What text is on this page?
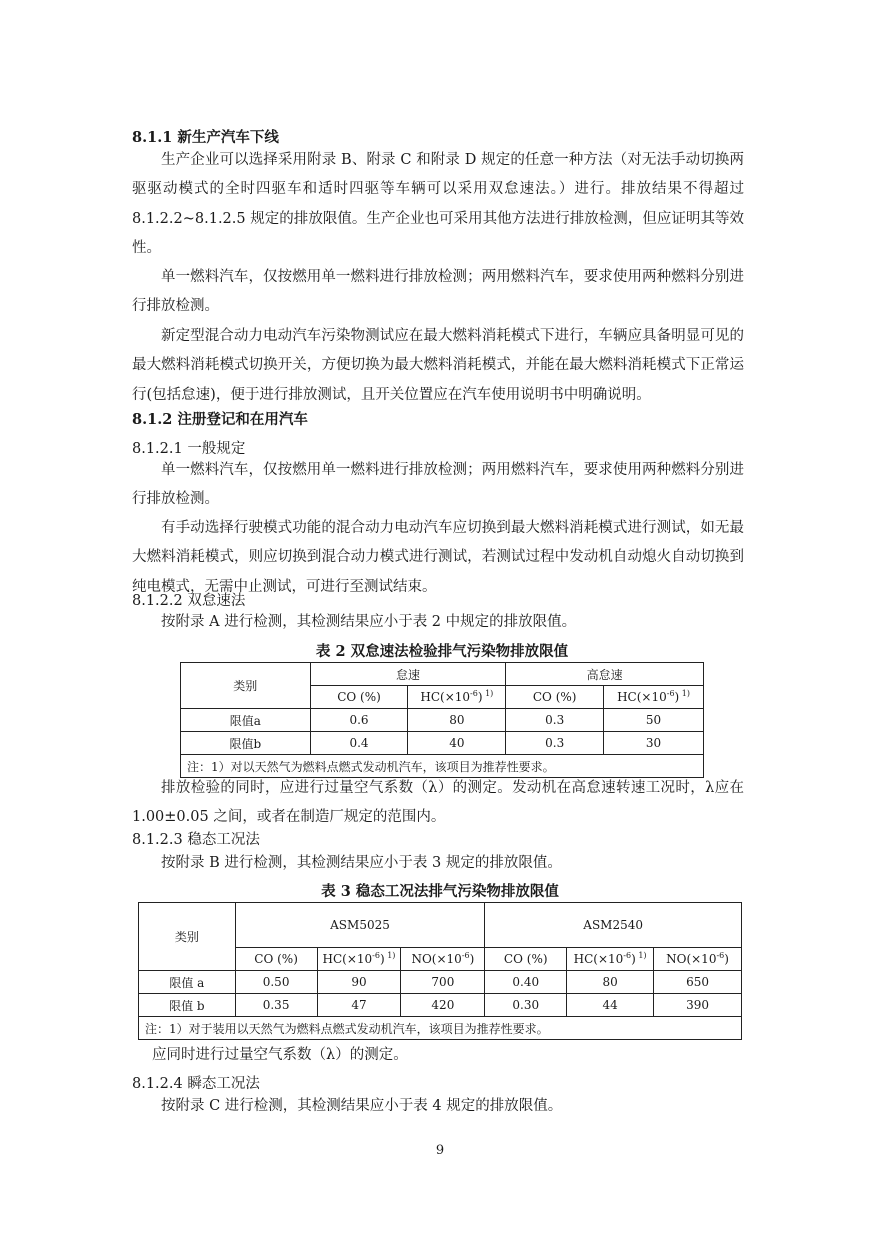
8.1.1 新生产汽车下线
生产企业可以选择采用附录 B、附录 C 和附录 D 规定的任意一种方法（对无法手动切换两驱驱动模式的全时四驱车和适时四驱等车辆可以采用双怠速法。）进行。排放结果不得超过 8.1.2.2~8.1.2.5 规定的排放限值。生产企业也可采用其他方法进行排放检测，但应证明其等效性。
单一燃料汽车，仅按燃用单一燃料进行排放检测；两用燃料汽车，要求使用两种燃料分别进行排放检测。
新定型混合动力电动汽车污染物测试应在最大燃料消耗模式下进行，车辆应具备明显可见的最大燃料消耗模式切换开关，方便切换为最大燃料消耗模式，并能在最大燃料消耗模式下正常运行(包括怠速)，便于进行排放测试，且开关位置应在汽车使用说明书中明确说明。
8.1.2 注册登记和在用汽车
8.1.2.1 一般规定
单一燃料汽车，仅按燃用单一燃料进行排放检测；两用燃料汽车，要求使用两种燃料分别进行排放检测。
有手动选择行驶模式功能的混合动力电动汽车应切换到最大燃料消耗模式进行测试，如无最大燃料消耗模式，则应切换到混合动力模式进行测试，若测试过程中发动机自动熄火自动切换到纯电模式，无需中止测试，可进行至测试结束。
8.1.2.2 双怠速法
按附录 A 进行检测，其检测结果应小于表 2 中规定的排放限值。
表 2 双怠速法检验排气污染物排放限值
类别	怠速		高怠速	
	CO (%)	$HC(\times 10^{-6})$ $^{1)}$	CO (%)	$HC(\times 10^{-6})$ $^{1)}$
限值a	0.6	80	0.3	50
限值b	0.4	40	0.3	30
注：1）对以天然气为燃料点燃式发动机汽车，该项目为推荐性要求。				
排放检验的同时，应进行过量空气系数（λ）的测定。发动机在高怠速转速工况时，λ应在 1.00±0.05 之间，或者在制造厂规定的范围内。
8.1.2.3 稳态工况法
按附录 B 进行检测，其检测结果应小于表 3 规定的排放限值。
表 3 稳态工况法排气污染物排放限值
类别	ASM5025			ASM2540		
	CO (%)	$HC(\times 10^{-6})$ $^{1)}$	$NO(\times 10^{-6})$	CO (%)	$HC(\times 10^{-6})$ $^{1)}$	$NO(\times 10^{-6})$
限值 a	0.50	90	700	0.40	80	650
限值 b	0.35	47	420	0.30	44	390
注：1）对于装用以天然气为燃料点燃式发动机汽车，该项目为推荐性要求。						
应同时进行过量空气系数（λ）的测定。
8.1.2.4 瞬态工况法
按附录 C 进行检测，其检测结果应小于表 4 规定的排放限值。
9
